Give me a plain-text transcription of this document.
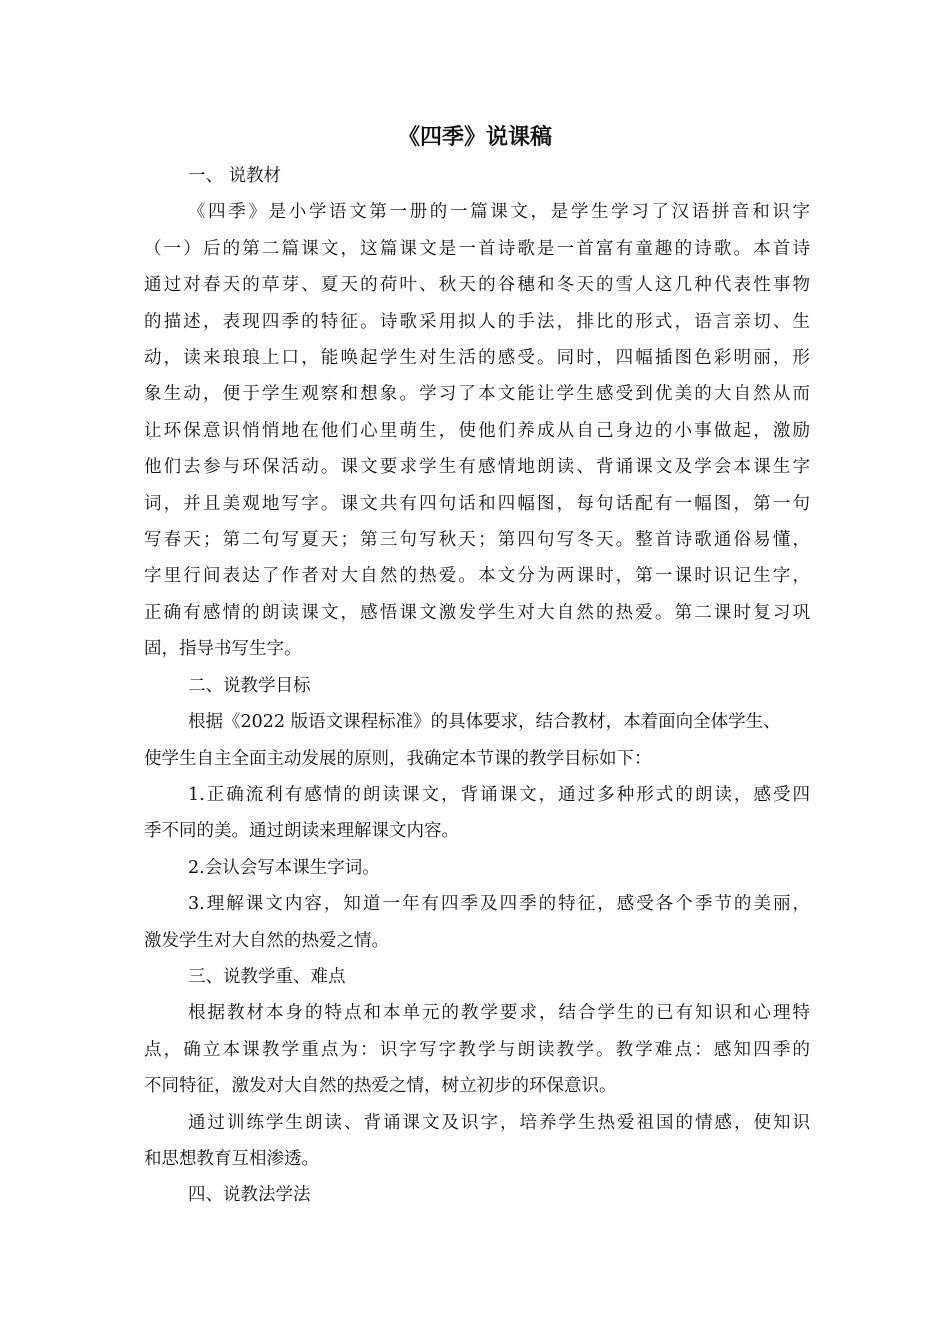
《四季》说课稿

一、 说教材

《四季》是小学语文第一册的一篇课文，是学生学习了汉语拼音和识字
（一）后的第二篇课文，这篇课文是一首诗歌是一首富有童趣的诗歌。本首诗
通过对春天的草芽、夏天的荷叶、秋天的谷穗和冬天的雪人这几种代表性事物
的描述，表现四季的特征。诗歌采用拟人的手法，排比的形式，语言亲切、生
动，读来琅琅上口，能唤起学生对生活的感受。同时，四幅插图色彩明丽，形
象生动，便于学生观察和想象。学习了本文能让学生感受到优美的大自然从而
让环保意识悄悄地在他们心里萌生，使他们养成从自己身边的小事做起，激励
他们去参与环保活动。课文要求学生有感情地朗读、背诵课文及学会本课生字
词，并且美观地写字。课文共有四句话和四幅图，每句话配有一幅图，第一句
写春天；第二句写夏天；第三句写秋天；第四句写冬天。整首诗歌通俗易懂，
字里行间表达了作者对大自然的热爱。本文分为两课时，第一课时识记生字，
正确有感情的朗读课文，感悟课文激发学生对大自然的热爱。第二课时复习巩
固，指导书写生字。

二、说教学目标

根据《2022 版语文课程标准》的具体要求，结合教材，本着面向全体学生、
使学生自主全面主动发展的原则，我确定本节课的教学目标如下：

1.正确流利有感情的朗读课文，背诵课文，通过多种形式的朗读，感受四
季不同的美。通过朗读来理解课文内容。

2.会认会写本课生字词。

3.理解课文内容，知道一年有四季及四季的特征，感受各个季节的美丽，
激发学生对大自然的热爱之情。

三、说教学重、难点

根据教材本身的特点和本单元的教学要求，结合学生的已有知识和心理特
点，确立本课教学重点为：识字写字教学与朗读教学。教学难点：感知四季的
不同特征，激发对大自然的热爱之情，树立初步的环保意识。

通过训练学生朗读、背诵课文及识字，培养学生热爱祖国的情感，使知识
和思想教育互相渗透。

四、说教法学法
